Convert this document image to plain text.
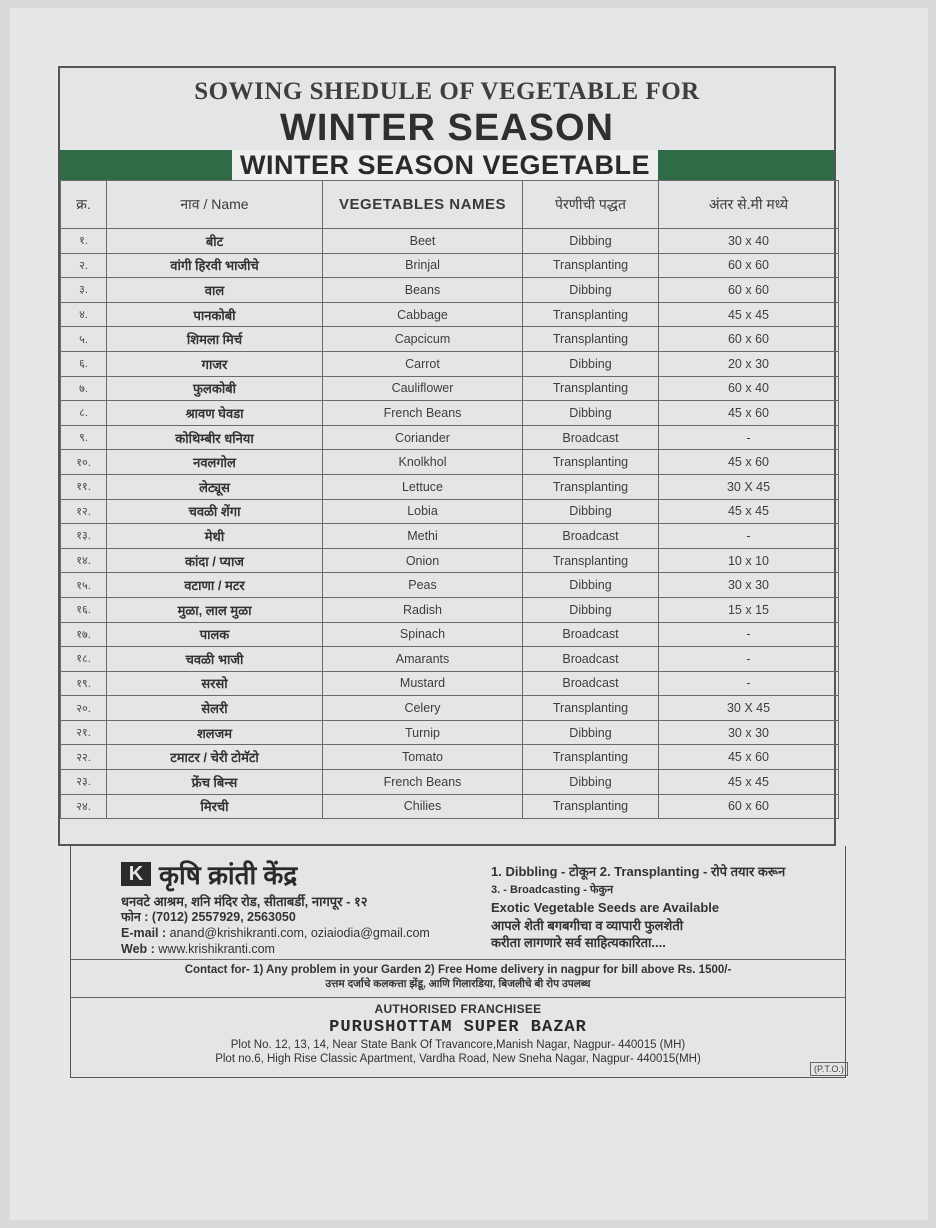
SOWING SHEDULE OF VEGETABLE FOR
WINTER SEASON
WINTER SEASON VEGETABLE
क्र.	नाव / Name	VEGETABLES NAMES	पेरणीची पद्धत	अंतर से.मी मध्ये
१.	बीट	Beet	Dibbing	30 x 40
२.	वांगी हिरवी भाजीचे	Brinjal	Transplanting	60 x 60
३.	वाल	Beans	Dibbing	60 x 60
४.	पानकोबी	Cabbage	Transplanting	45 x 45
५.	शिमला मिर्च	Capcicum	Transplanting	60 x 60
६.	गाजर	Carrot	Dibbing	20 x 30
७.	फुलकोबी	Cauliflower	Transplanting	60 x 40
८.	श्रावण घेवडा	French Beans	Dibbing	45 x 60
९.	कोथिम्बीर धनिया	Coriander	Broadcast	-
१०.	नवलगोल	Knolkhol	Transplanting	45 x 60
११.	लेट्यूस	Lettuce	Transplanting	30 X 45
१२.	चवळी शेंगा	Lobia	Dibbing	45 x 45
१३.	मेथी	Methi	Broadcast	-
१४.	कांदा / प्याज	Onion	Transplanting	10 x 10
१५.	वटाणा / मटर	Peas	Dibbing	30 x 30
१६.	मुळा, लाल मुळा	Radish	Dibbing	15 x 15
१७.	पालक	Spinach	Broadcast	-
१८.	चवळी भाजी	Amarants	Broadcast	-
१९.	सरसो	Mustard	Broadcast	-
२०.	सेलरी	Celery	Transplanting	30 X 45
२१.	शलजम	Turnip	Dibbing	30 x 30
२२.	टमाटर / चेरी टोमॅटो	Tomato	Transplanting	45 x 60
२३.	फ्रेंच बिन्स	French Beans	Dibbing	45 x 45
२४.	मिरची	Chilies	Transplanting	60 x 60
K कृषि क्रांती केंद्र
धनवटे आश्रम, शनि मंदिर रोड, सीताबर्डी, नागपूर - १२
फोन : (7012) 2557929, 2563050
E-mail : anand@krishikranti.com, oziaiodia@gmail.com
Web : www.krishikranti.com
1. Dibbling - टोकून 2. Transplanting - रोपे तयार करून
3. - Broadcasting - फेकुन
Exotic Vegetable Seeds are Available
आपले शेती बगबगीचा व व्यापारी फुलशेती
करीता लागणारे सर्व साहित्यकारिता....
Contact for- 1) Any problem in your Garden 2) Free Home delivery in nagpur for bill above Rs. 1500/-
उत्तम दर्जाचे कलकत्ता झेंडू, आणि गिलारडिया, बिजलीचे बी रोप उपलब्ध
AUTHORISED FRANCHISEE
PURUSHOTTAM SUPER BAZAR
Plot No. 12, 13, 14, Near State Bank Of Travancore,Manish Nagar, Nagpur- 440015 (MH)
Plot no.6, High Rise Classic Apartment, Vardha Road, New Sneha Nagar, Nagpur- 440015(MH)
(P.T.O.)
